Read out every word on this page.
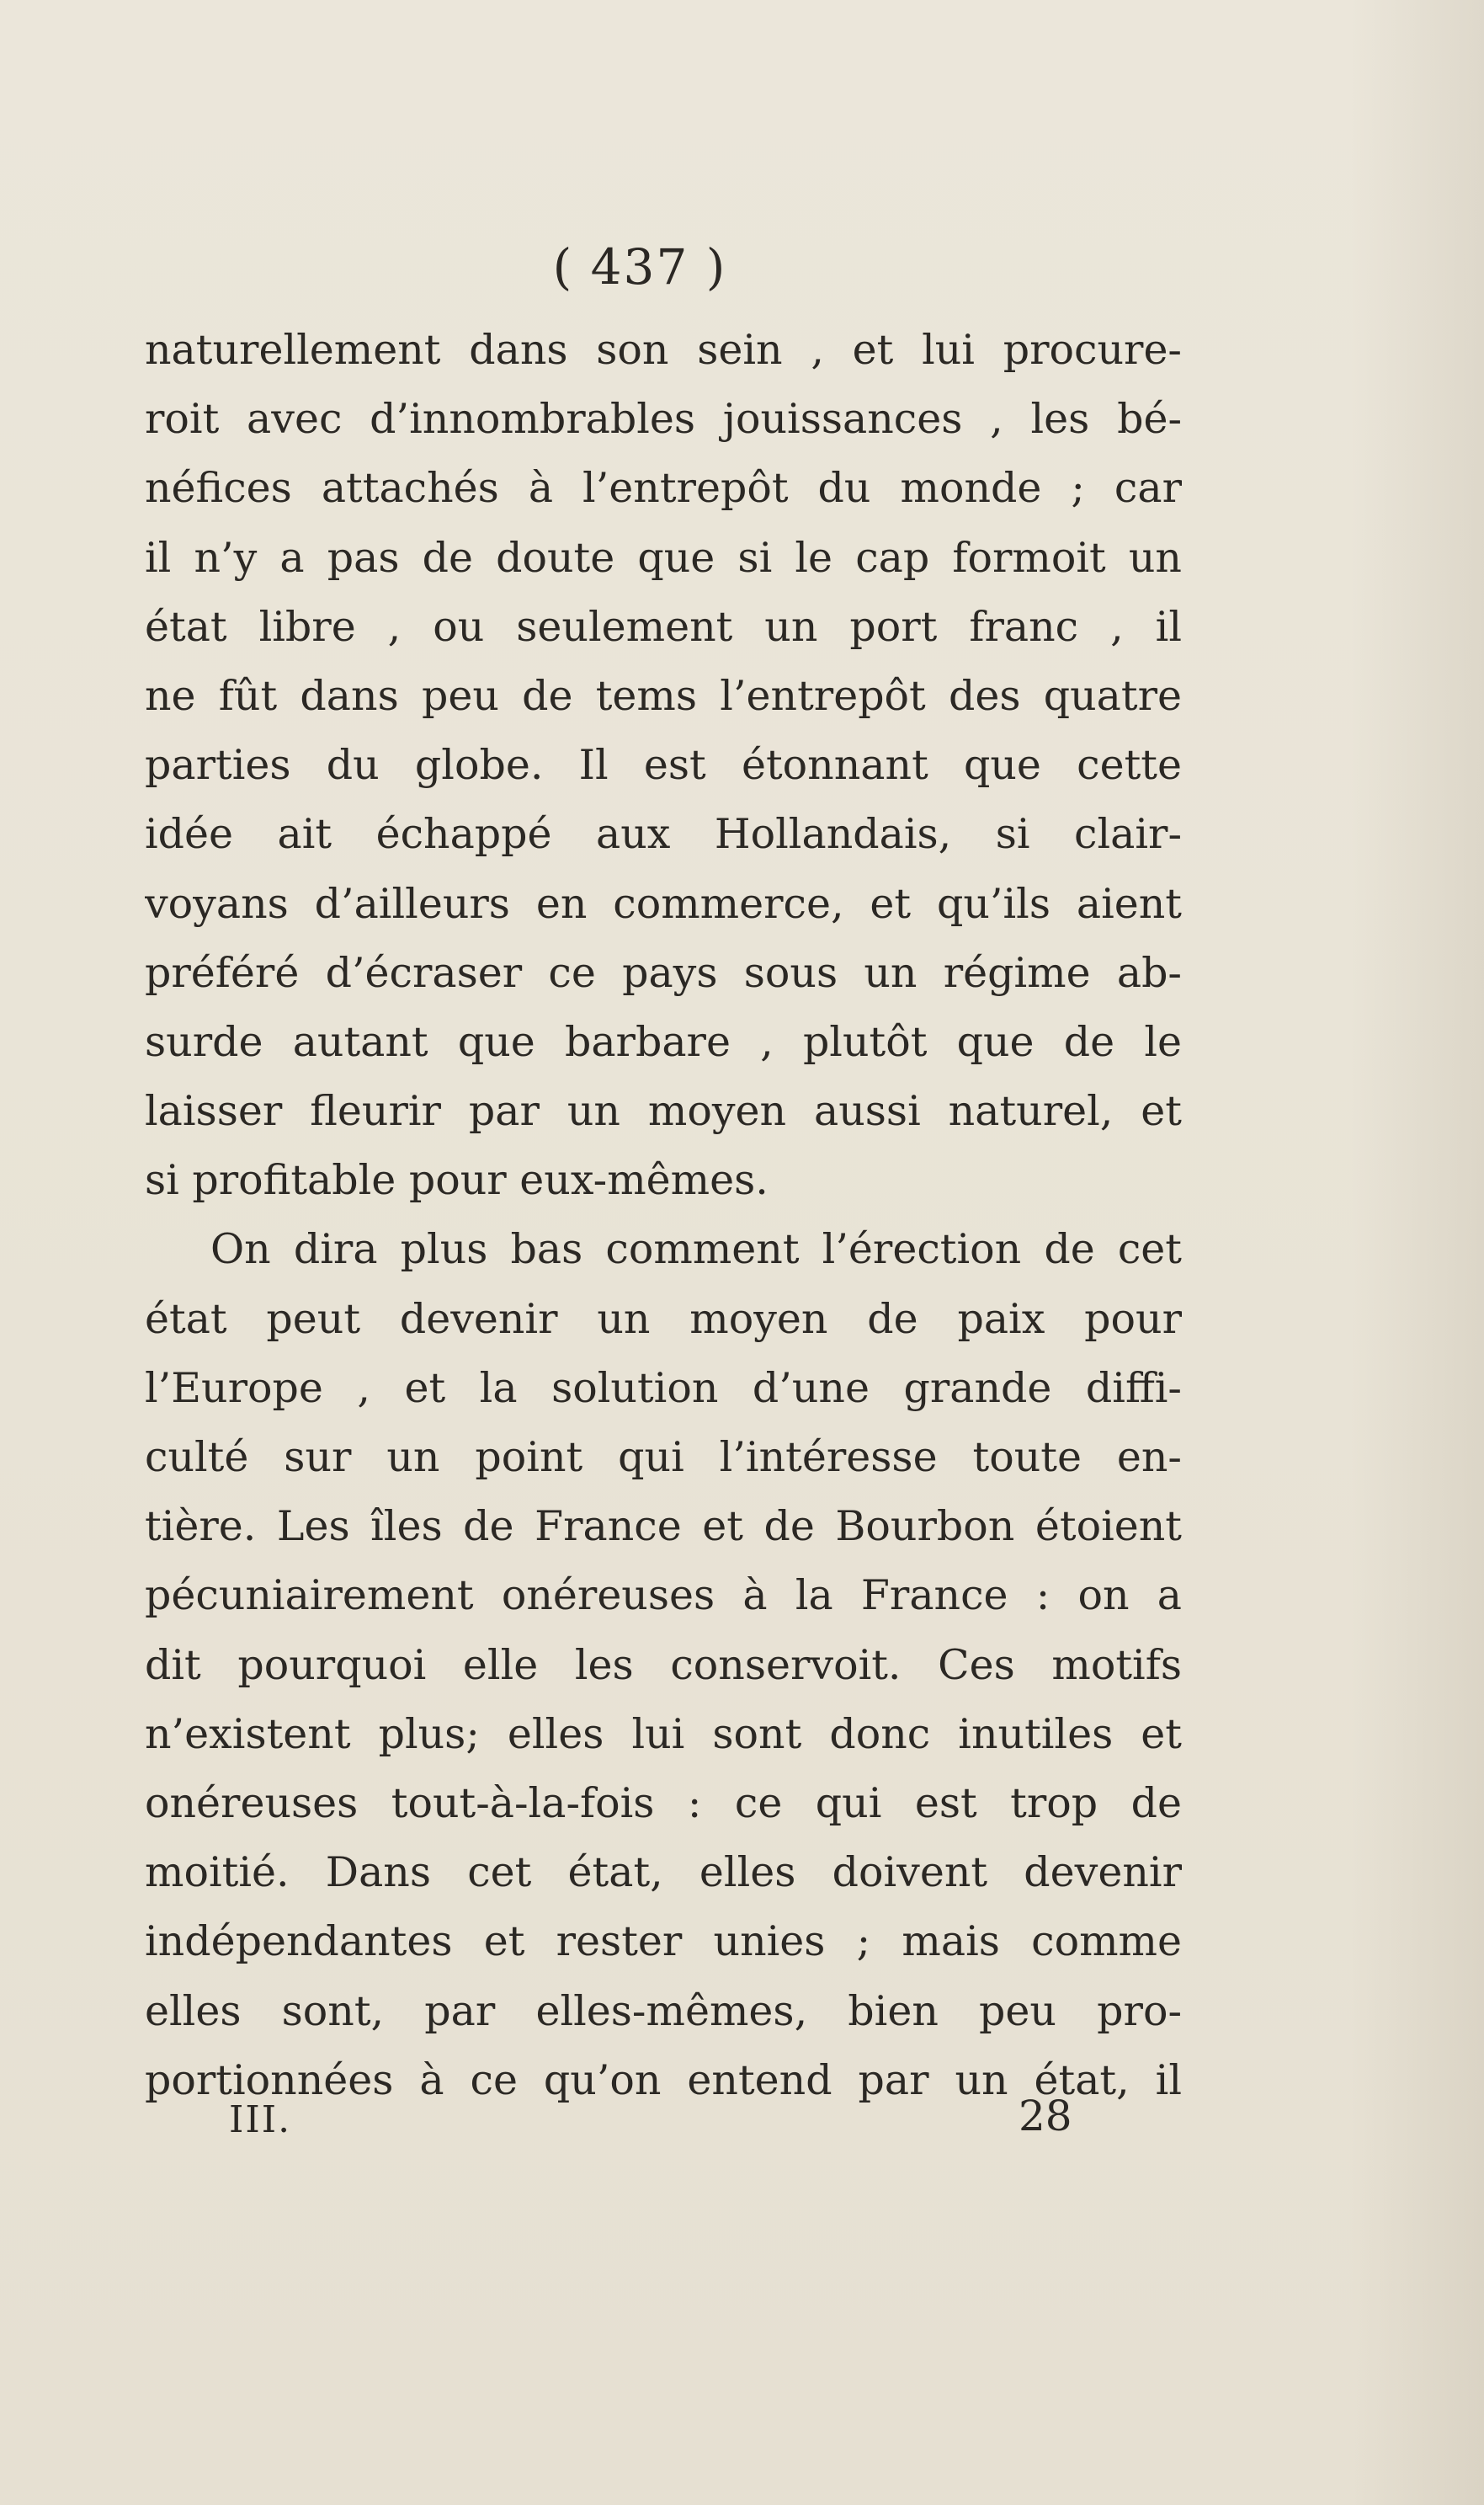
( 437 )
naturellement dans son sein , et lui procure-
roit avec d’innombrables jouissances , les bé-
néfices attachés à l’entrepôt du monde ; car
il n’y a pas de doute que si le cap formoit un
état libre , ou seulement un port franc , il
ne fût dans peu de tems l’entrepôt des quatre
parties du globe. Il est étonnant que cette
idée ait échappé aux Hollandais, si clair-
voyans d’ailleurs en commerce, et qu’ils aient
préféré d’écraser ce pays sous un régime ab-
surde autant que barbare , plutôt que de le
laisser fleurir par un moyen aussi naturel, et
si profitable pour eux-mêmes.
On dira plus bas comment l’érection de cet
état peut devenir un moyen de paix pour
l’Europe , et la solution d’une grande diffi-
culté sur un point qui l’intéresse toute en-
tière. Les îles de France et de Bourbon étoient
pécuniairement onéreuses à la France : on a
dit pourquoi elle les conservoit. Ces motifs
n’existent plus; elles lui sont donc inutiles et
onéreuses tout-à-la-fois : ce qui est trop de
moitié. Dans cet état, elles doivent devenir
indépendantes et rester unies ; mais comme
elles sont, par elles-mêmes, bien peu pro-
portionnées à ce qu’on entend par un état, il
III.	28
